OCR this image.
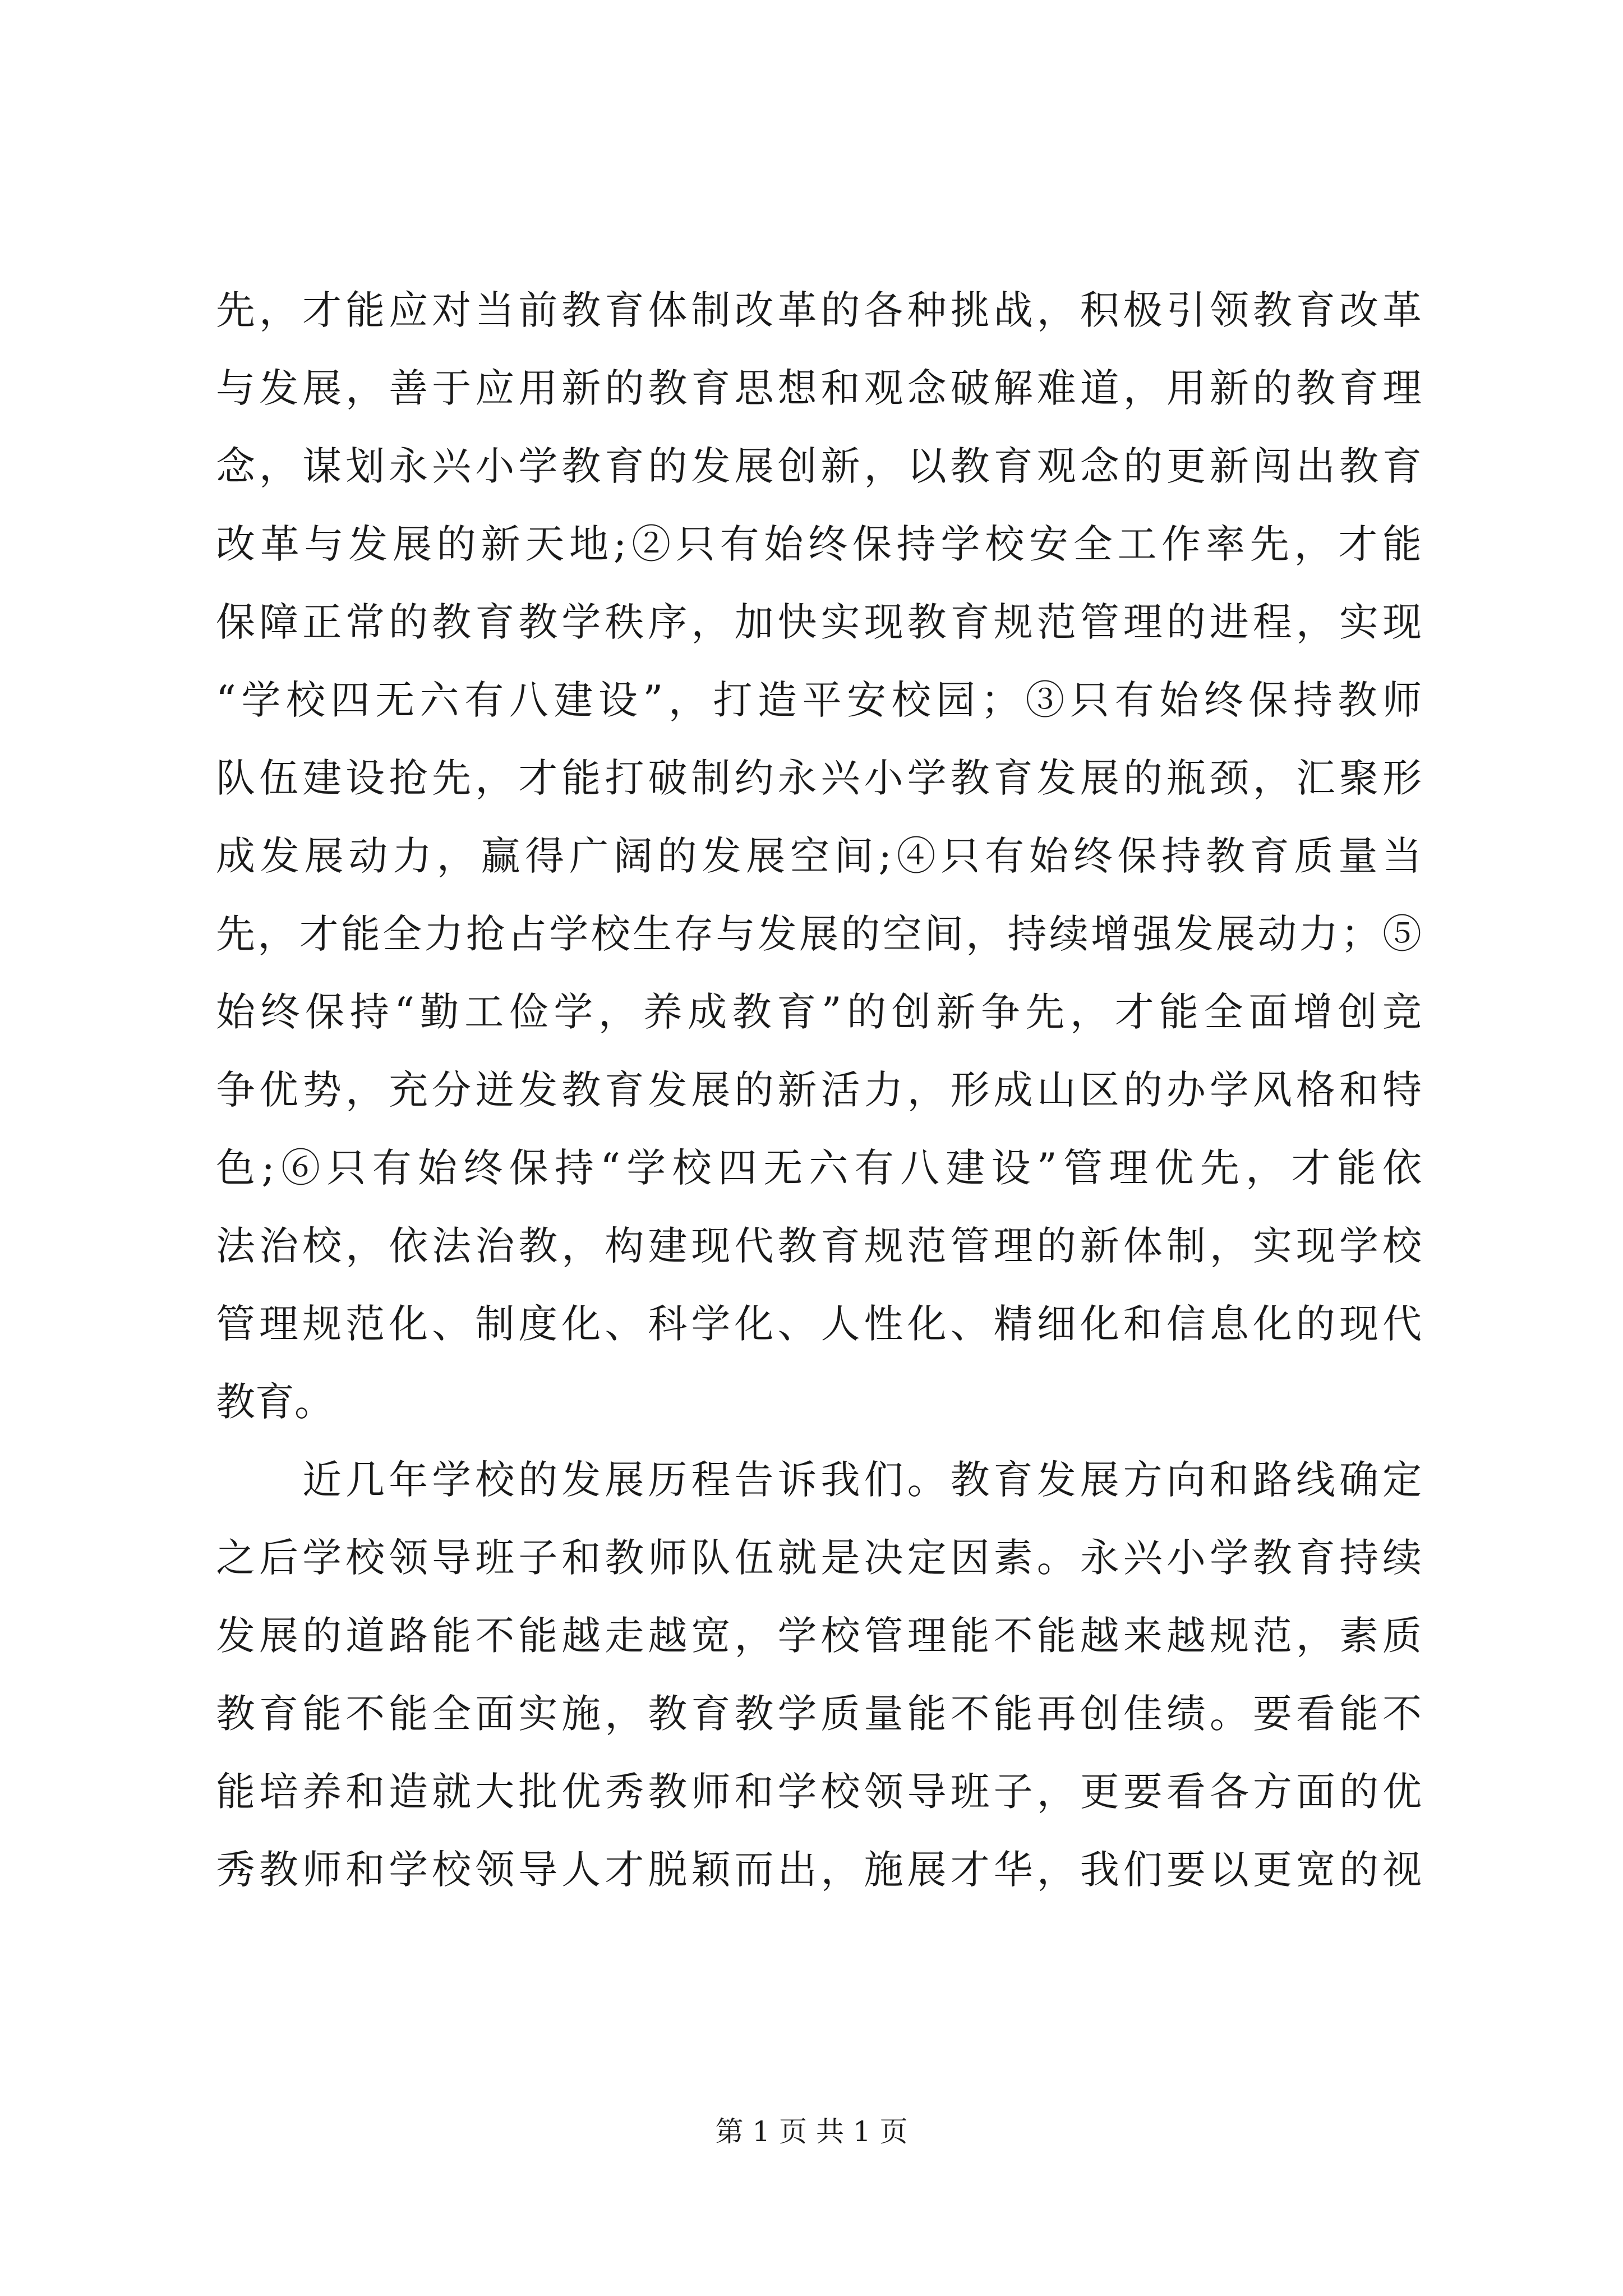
先，才能应对当前教育体制改革的各种挑战，积极引领教育改革
与发展，善于应用新的教育思想和观念破解难道，用新的教育理
念，谋划永兴小学教育的发展创新，以教育观念的更新闯出教育
改革与发展的新天地;②只有始终保持学校安全工作率先，才能
保障正常的教育教学秩序，加快实现教育规范管理的进程，实现
“学校四无六有八建设”，打造平安校园；③只有始终保持教师
队伍建设抢先，才能打破制约永兴小学教育发展的瓶颈，汇聚形
成发展动力，赢得广阔的发展空间;④只有始终保持教育质量当
先，才能全力抢占学校生存与发展的空间，持续增强发展动力；⑤
始终保持“勤工俭学，养成教育”的创新争先，才能全面增创竞
争优势，充分迸发教育发展的新活力，形成山区的办学风格和特
色;⑥只有始终保持“学校四无六有八建设”管理优先，才能依
法治校，依法治教，构建现代教育规范管理的新体制，实现学校
管理规范化、制度化、科学化、人性化、精细化和信息化的现代
教育。
　　近几年学校的发展历程告诉我们。教育发展方向和路线确定
之后学校领导班子和教师队伍就是决定因素。永兴小学教育持续
发展的道路能不能越走越宽，学校管理能不能越来越规范，素质
教育能不能全面实施，教育教学质量能不能再创佳绩。要看能不
能培养和造就大批优秀教师和学校领导班子，更要看各方面的优
秀教师和学校领导人才脱颖而出，施展才华，我们要以更宽的视
第 1 页 共 1 页
